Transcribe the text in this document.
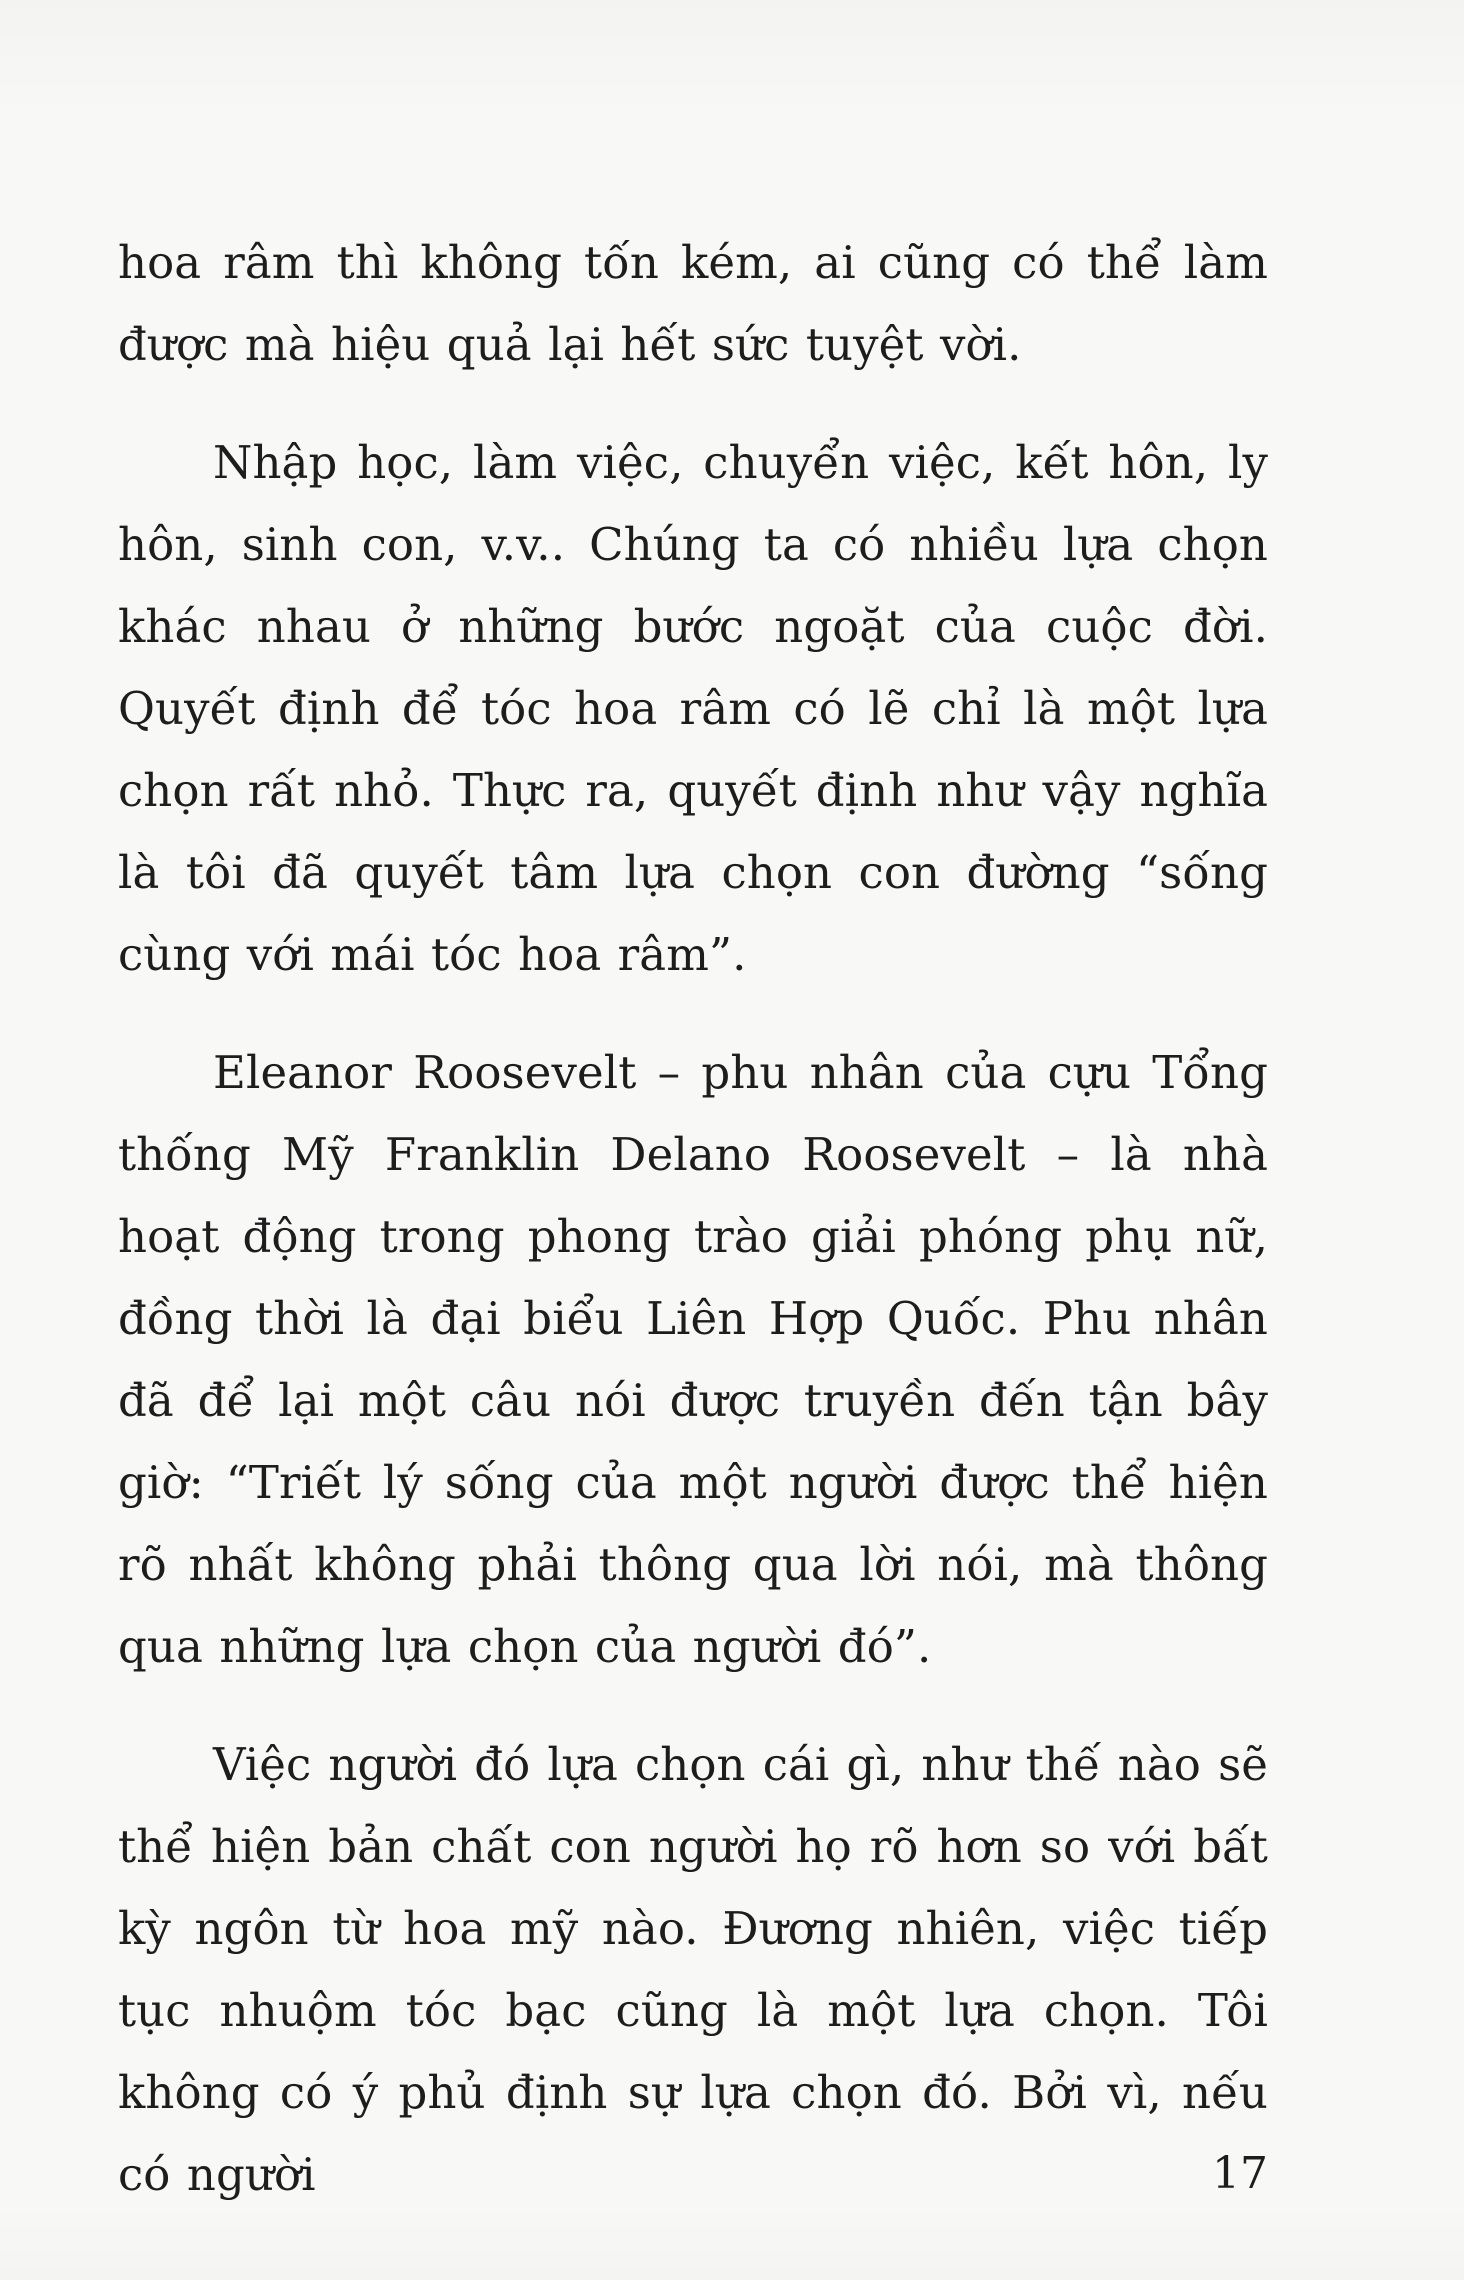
hoa râm thì không tốn kém, ai cũng có thể làm được mà hiệu quả lại hết sức tuyệt vời.

Nhập học, làm việc, chuyển việc, kết hôn, ly hôn, sinh con, v.v.. Chúng ta có nhiều lựa chọn khác nhau ở những bước ngoặt của cuộc đời. Quyết định để tóc hoa râm có lẽ chỉ là một lựa chọn rất nhỏ. Thực ra, quyết định như vậy nghĩa là tôi đã quyết tâm lựa chọn con đường “sống cùng với mái tóc hoa râm”.

Eleanor Roosevelt – phu nhân của cựu Tổng thống Mỹ Franklin Delano Roosevelt – là nhà hoạt động trong phong trào giải phóng phụ nữ, đồng thời là đại biểu Liên Hợp Quốc. Phu nhân đã để lại một câu nói được truyền đến tận bây giờ: “Triết lý sống của một người được thể hiện rõ nhất không phải thông qua lời nói, mà thông qua những lựa chọn của người đó”.

Việc người đó lựa chọn cái gì, như thế nào sẽ thể hiện bản chất con người họ rõ hơn so với bất kỳ ngôn từ hoa mỹ nào. Đương nhiên, việc tiếp tục nhuộm tóc bạc cũng là một lựa chọn. Tôi không có ý phủ định sự lựa chọn đó. Bởi vì, nếu có người	17
